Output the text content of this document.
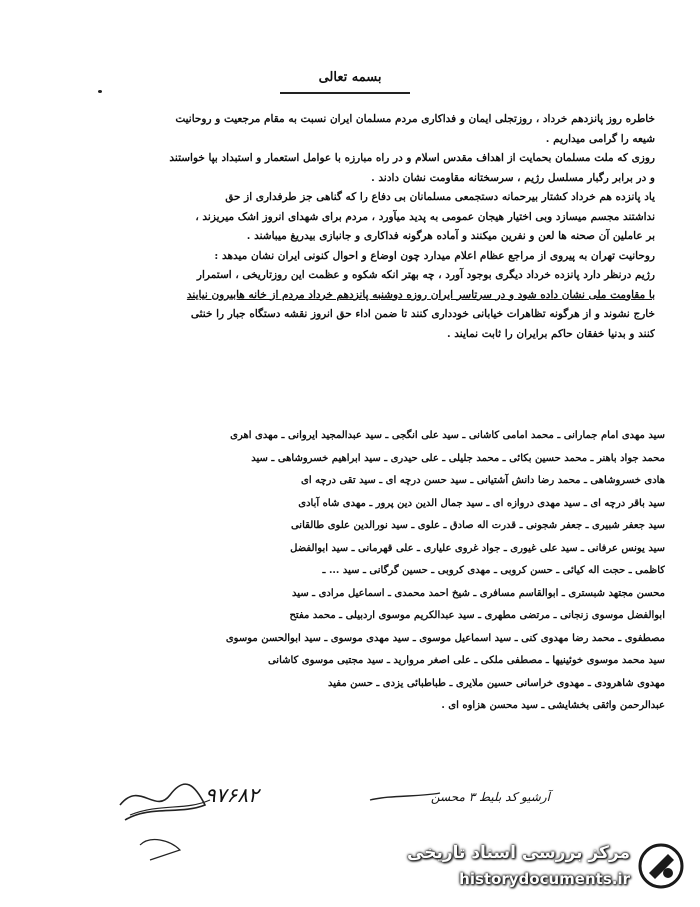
بسمه تعالی
خاطره روز پانزدهم خرداد ، روزتجلی ایمان و فداکاری مردم مسلمان ایران نسبت به مقام مرجعیت و روحانیت
شیعه را گرامی میداریم .
روزی که ملت مسلمان بحمایت از اهداف مقدس اسلام و در راه مبارزه با عوامل استعمار و استبداد بپا خواستند
و در برابر رگبار مسلسل رژیم ، سرسختانه مقاومت نشان دادند .
یاد پانزده هم خرداد کشتار بیرحمانه دستجمعی مسلمانان بی دفاع را که گناهی جز طرفداری از حق
نداشتند مجسم میسازد وبی اختیار هیجان عمومی به پدید میآورد ، مردم برای شهدای انروز اشک میریزند ،
بر عاملین آن صحنه ها لعن و نفرین میکنند و آماده هرگونه فداکاری و جانبازی بیدریغ میباشند .
روحانیت تهران به پیروی از مراجع عظام اعلام میدارد چون اوضاع و احوال کنونی ایران نشان میدهد :
رژیم درنظر دارد پانزده خرداد دیگری بوجود آورد ، چه بهتر انکه شکوه و عظمت این روزتاریخی ، استمرار
با مقاومت ملی نشان داده شود و در سرتاسر ایران روزه دوشنبه پانزدهم خرداد مردم از خانه هابیرون نیایند
خارج نشوند و از هرگونه تظاهرات خیابانی خودداری کنند تا ضمن اداء حق انروز نقشه دستگاه جبار را خنثی
کنند و بدنیا خفقان حاکم برایران را ثابت نمایند .
سید مهدی امام جمارانی ـ محمد امامی کاشانی ـ سید علی انگجی ـ سید عبدالمجید ایروانی ـ مهدی اهری
محمد جواد باهنر ـ محمد حسین بکائی ـ محمد جلیلی ـ علی حیدری ـ سید ابراهیم خسروشاهی ـ سید
هادی خسروشاهی ـ محمد رضا دانش آشتیانی ـ سید حسن درچه ای ـ سید تقی درچه ای
سید باقر درچه ای ـ سید مهدی دروازه ای ـ سید جمال الدین دین پرور ـ مهدی شاه آبادی
سید جعفر شبیری ـ جعفر شجونی ـ قدرت اله صادق ـ علوی ـ سید نورالدین علوی طالقانی
سید یونس عرفانی ـ سید علی غیوری ـ جواد غروی علیاری ـ علی قهرمانی ـ سید ابوالفضل
کاظمی ـ حجت اله کیائی ـ حسن کروبی ـ مهدی کروبی ـ حسین گرگانی ـ سید ... ـ
محسن مجتهد شبستری ـ ابوالقاسم مسافری ـ شیخ احمد محمدی ـ اسماعیل مرادی ـ سید
ابوالفضل موسوی زنجانی ـ مرتضی مطهری ـ سید عبدالکریم موسوی اردبیلی ـ محمد مفتح
مصطفوی ـ محمد رضا مهدوی کنی ـ سید اسماعیل موسوی ـ سید مهدی موسوی ـ سید ابوالحسن موسوی
سید محمد موسوی خوئینیها ـ مصطفی ملکی ـ علی اصغر مروارید ـ سید مجتبی موسوی کاشانی
مهدوی شاهرودی ـ مهدوی خراسانی حسین ملایری ـ طباطبائی یزدی ـ حسن مفید
عبدالرحمن واثقی بخشایشی ـ سید محسن هزاوه ای .
۹۷۶۸۲	آرشیو کد بلیط ۳ محسن
مرکز بررسی اسناد تاریخی
historydocuments.ir
